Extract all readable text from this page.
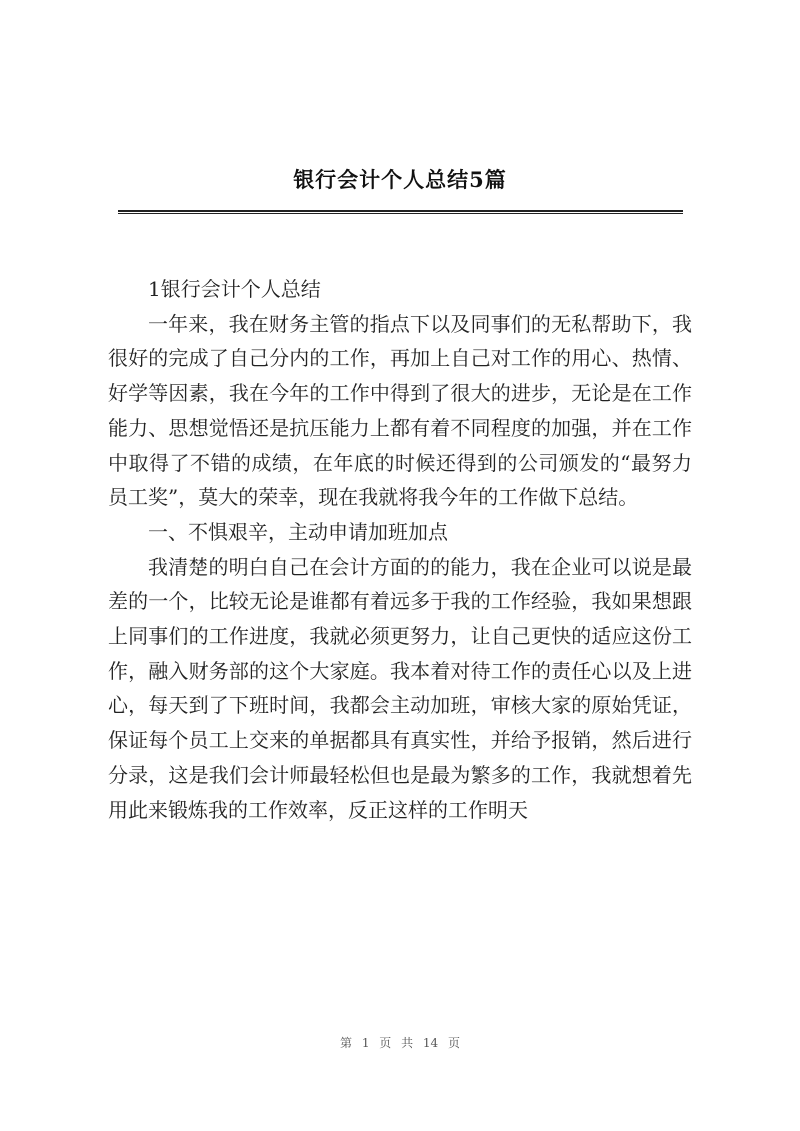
银行会计个人总结5篇

1银行会计个人总结

一年来，我在财务主管的指点下以及同事们的无私帮助下，我很好的完成了自己分内的工作，再加上自己对工作的用心、热情、好学等因素，我在今年的工作中得到了很大的进步，无论是在工作能力、思想觉悟还是抗压能力上都有着不同程度的加强，并在工作中取得了不错的成绩，在年底的时候还得到的公司颁发的“最努力员工奖”，莫大的荣幸，现在我就将我今年的工作做下总结。

一、不惧艰辛，主动申请加班加点

我清楚的明白自己在会计方面的的能力，我在企业可以说是最差的一个，比较无论是谁都有着远多于我的工作经验，我如果想跟上同事们的工作进度，我就必须更努力，让自己更快的适应这份工作，融入财务部的这个大家庭。我本着对待工作的责任心以及上进心，每天到了下班时间，我都会主动加班，审核大家的原始凭证，保证每个员工上交来的单据都具有真实性，并给予报销，然后进行分录，这是我们会计师最轻松但也是最为繁多的工作，我就想着先用此来锻炼我的工作效率，反正这样的工作明天

第 1 页 共 14 页
